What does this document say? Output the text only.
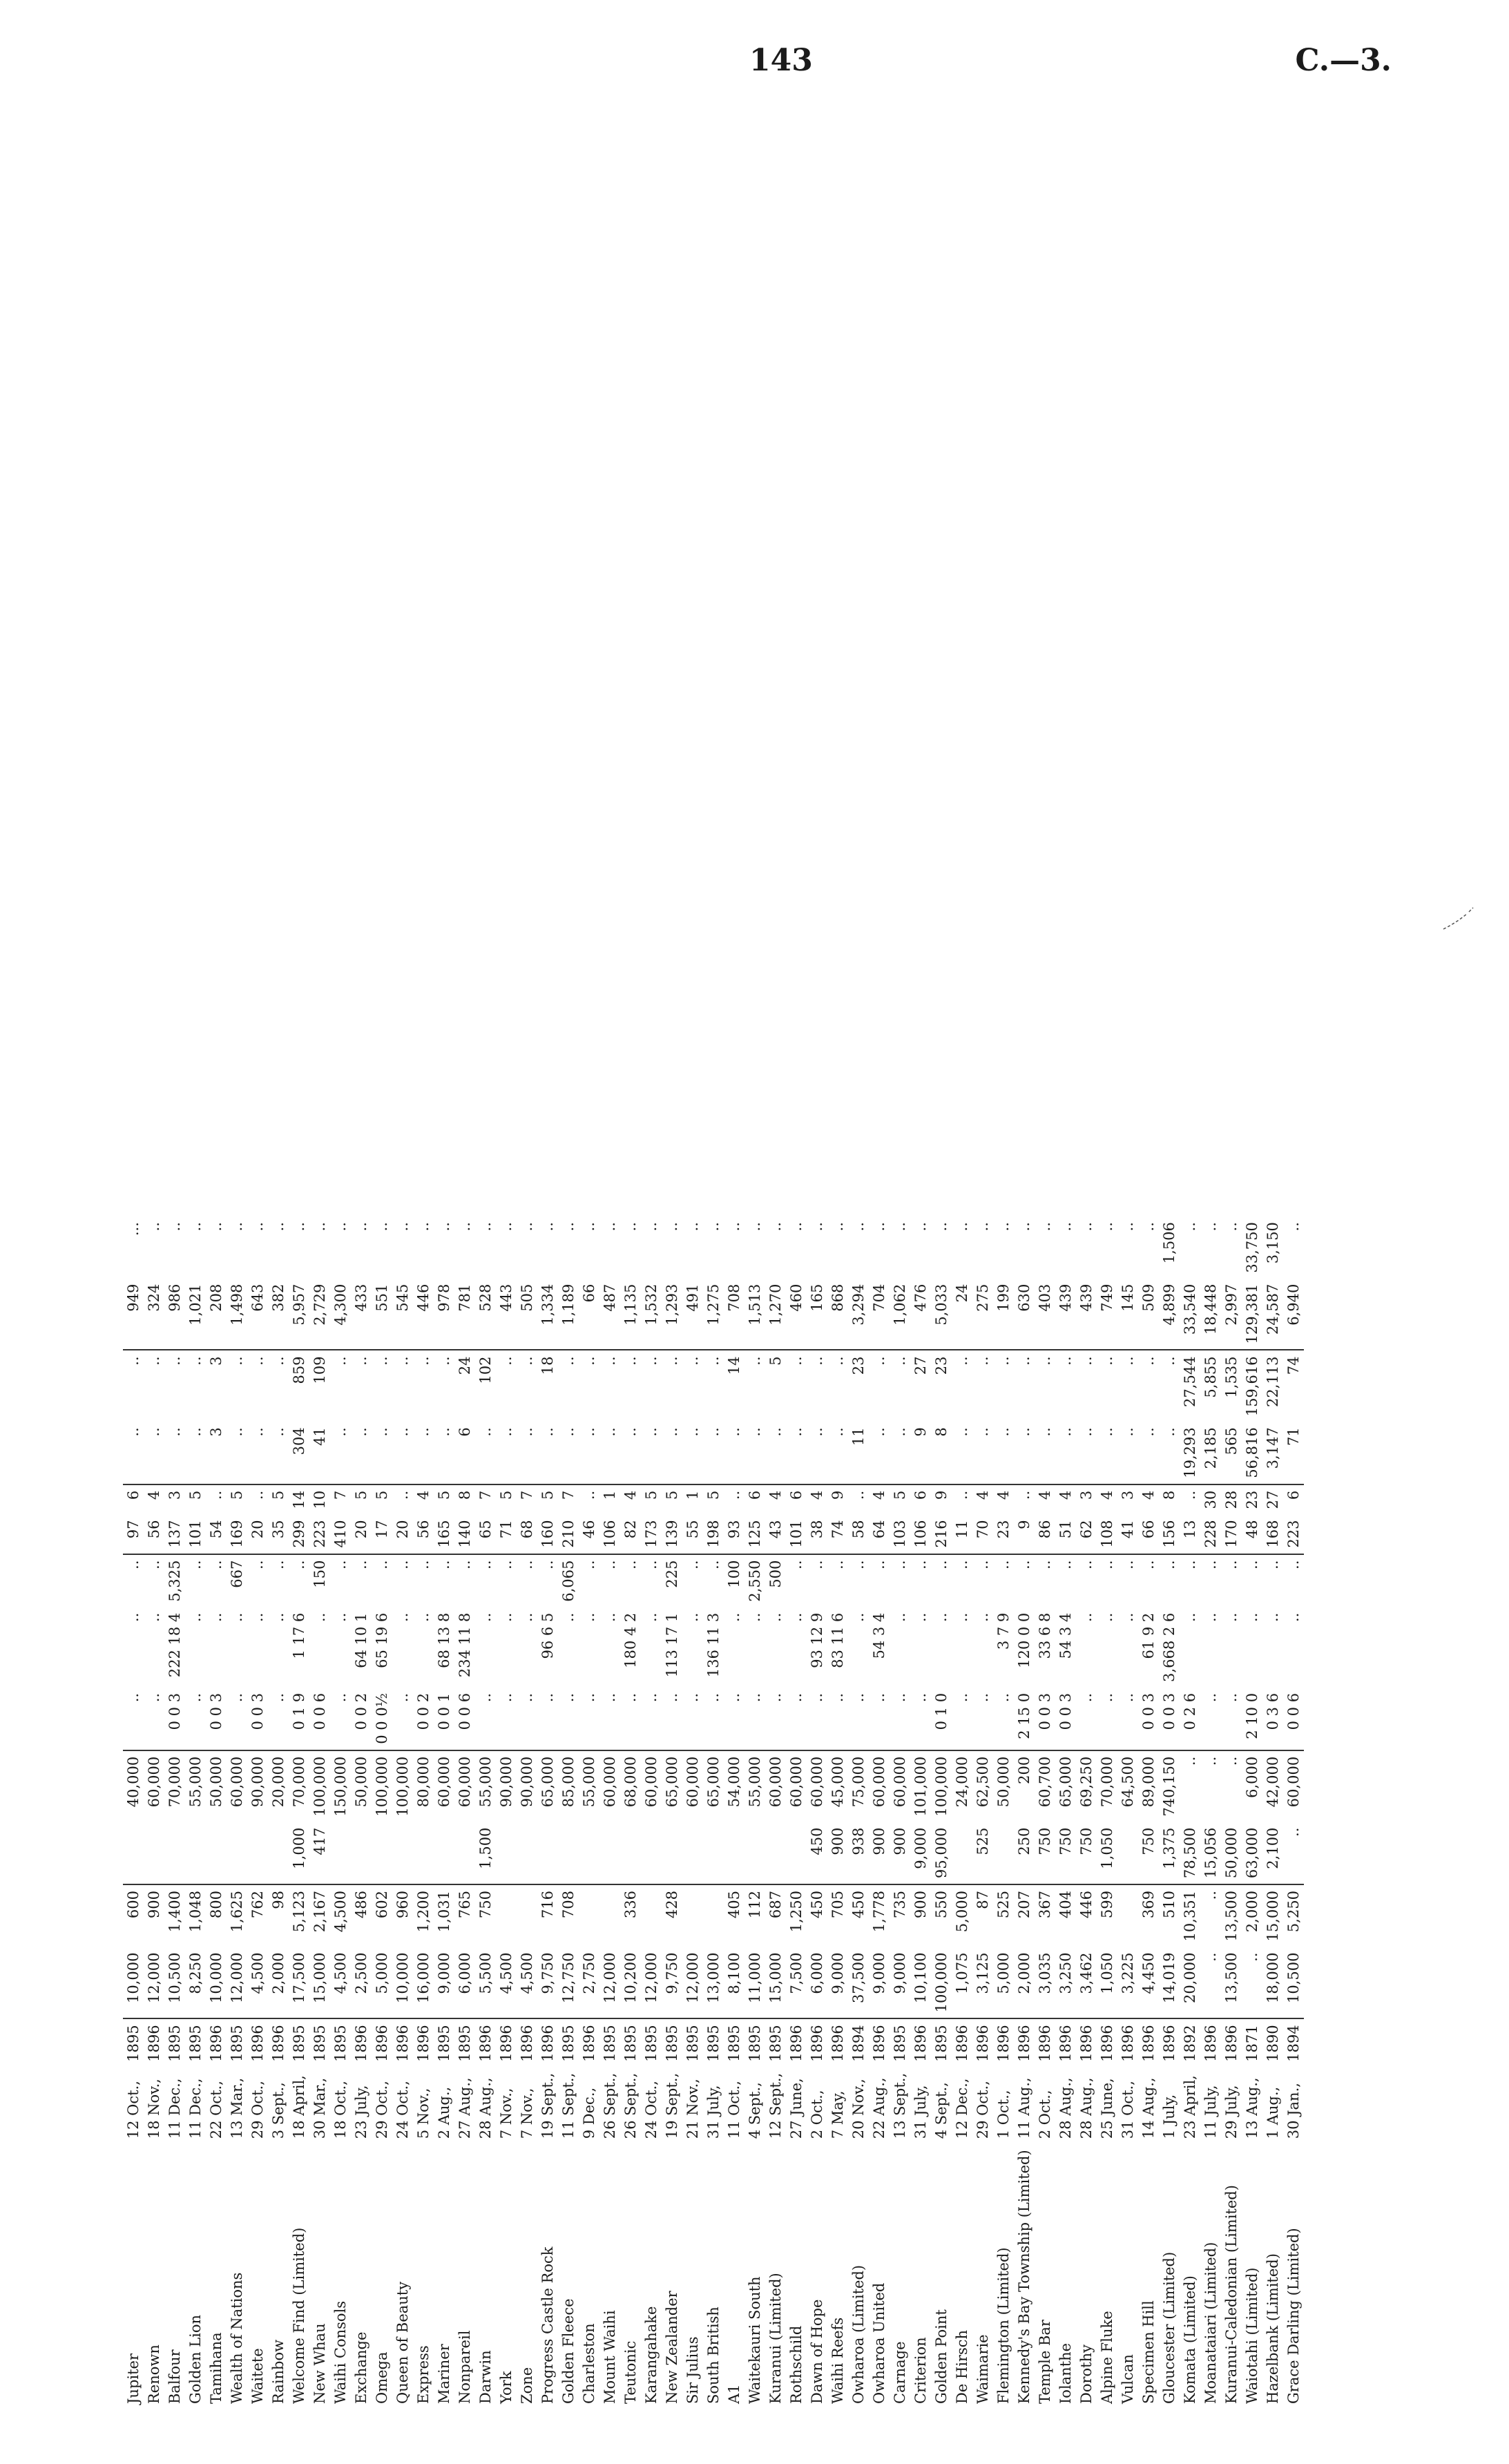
143	C.—3.
Jupiter	12 Oct.,	1895	10,000	600		40,000	..	..	..	97	6	..	..	949	...
Renown	18 Nov.,	1896	12,000	900		60,000	..	..	..	56	4	..	..	324	..
Balfour	11 Dec.,	1895	10,500	1,400		70,000	0 0 3	222 18 4	5,325	137	3	..	..	986	..
Golden Lion	11 Dec.,	1895	8,250	1,048		55,000	..	..	..	101	5	..	..	1,021	..
Tamihana	22 Oct.,	1896	10,000	800		50,000	0 0 3	..	..	54	..	3	3	208	..
Wealth of Nations	13 Mar.,	1895	12,000	1,625		60,000	..	..	667	169	5	..	..	1,498	..
Waitete	29 Oct.,	1896	4,500	762		90,000	0 0 3	..	..	20	..	..	..	643	..
Rainbow	3 Sept.,	1896	2,000	98		20,000	..	..	..	35	5	..	..	382	..
Welcome Find (Limited)	18 April,	1895	17,500	5,123	1,000	70,000	0 1 9	1 17 6	..	299	14	304	859	5,957	..
New Whau	30 Mar.,	1895	15,000	2,167	417	100,000	0 0 6	..	150	223	10	41	109	2,729	..
Waihi Consols	18 Oct.,	1895	4,500	4,500		150,000	..	..	..	410	7	..	..	4,300	..
Exchange	23 July,	1896	2,500	486		50,000	0 0 2	64 10 1	..	20	5	..	..	433	..
Omega	29 Oct.,	1896	5,000	602		100,000	0 0 0½	65 19 6	..	17	5	..	..	551	..
Queen of Beauty	24 Oct.,	1896	10,000	960		100,000	..	..	..	20	..	..	..	545	..
Express	5 Nov.,	1896	16,000	1,200		80,000	0 0 2	..	..	56	4	..	..	446	..
Mariner	2 Aug.,	1895	9,000	1,031		60,000	0 0 1	68 13 8	..	165	5	..	..	978	..
Nonpareil	27 Aug.,	1895	6,000	765		60,000	0 0 6	234 11 8	..	140	8	6	24	781	..
Darwin	28 Aug.,	1896	5,500	750	1,500	55,000	..	..	..	65	7	..	102	528	..
York	7 Nov.,	1896	4,500			90,000	..	..	..	71	5	..	..	443	..
Zone	7 Nov.,	1896	4,500			90,000	..	..	..	68	7	..	..	505	..
Progress Castle Rock	19 Sept.,	1896	9,750	716		65,000	..	96 6 5	..	160	5	..	18	1,334	..
Golden Fleece	11 Sept.,	1895	12,750	708		85,000	..	..	6,065	210	7	..	..	1,189	..
Charleston	9 Dec.,	1896	2,750			55,000	..	..	..	46	..	..	..	66	..
Mount Waihi	26 Sept.,	1895	12,000			60,000	..	..	..	106	1	..	..	487	..
Teutonic	26 Sept.,	1895	10,200	336		68,000	..	180 4 2	..	82	4	..	..	1,135	..
Karangahake	24 Oct.,	1895	12,000			60,000	..	..	..	173	5	..	..	1,532	..
New Zealander	19 Sept.,	1895	9,750	428		65,000	..	113 17 1	225	139	5	..	..	1,293	..
Sir Julius	21 Nov.,	1895	12,000			60,000	..	..	..	55	1	..	..	491	..
South British	31 July,	1895	13,000			65,000	..	136 11 3	..	198	5	..	..	1,275	..
A1	11 Oct.,	1895	8,100	405		54,000	..	..	100	93	..	..	14	708	..
Waitekauri South	4 Sept.,	1895	11,000	112		55,000	..	..	2,550	125	6	..	..	1,513	..
Kuranui (Limited)	12 Sept.,	1895	15,000	687		60,000	..	..	500	43	4	..	5	1,270	..
Rothschild	27 June,	1896	7,500	1,250		60,000	..	..	..	101	6	..	..	460	..
Dawn of Hope	2 Oct.,	1896	6,000	450	450	60,000	..	93 12 9	..	38	4	..	..	165	..
Waihi Reefs	7 May,	1896	9,000	705	900	45,000	..	83 11 6	..	74	9	..	..	868	..
Owharoa (Limited)	20 Nov.,	1894	37,500	450	938	75,000	..	..	..	58	..	11	23	3,294	..
Owharoa United	22 Aug.,	1896	9,000	1,778	900	60,000	..	54 3 4	..	64	4	..	..	704	..
Carnage	13 Sept.,	1895	9,000	735	900	60,000	..	..	..	103	5	..	..	1,062	..
Criterion	31 July,	1896	10,100	900	9,000	101,000	..	..	..	106	6	9	27	476	..
Golden Point	4 Sept.,	1895	100,000	550	95,000	100,000	0 1 0	..	..	216	9	8	23	5,033	..
De Hirsch	12 Dec.,	1896	1,075	5,000		24,000	..	..	..	11	..	..	..	24	..
Waimarie	29 Oct.,	1896	3,125	87	525	62,500	..	..	..	70	4	..	..	275	..
Flemington (Limited)	1 Oct.,	1896	5,000	525		50,000	..	3 7 9	..	23	4	..	..	199	..
Kennedy's Bay Township (Limited)	11 Aug.,	1896	2,000	207	250	200	2 15 0	120 0 0	..	9	..	..	..	630	..
Temple Bar	2 Oct.,	1896	3,035	367	750	60,700	0 0 3	33 6 8	..	86	4	..	..	403	..
Iolanthe	28 Aug.,	1896	3,250	404	750	65,000	0 0 3	54 3 4	..	51	4	..	..	439	..
Dorothy	28 Aug.,	1896	3,462	446	750	69,250	..	..	..	62	3	..	..	439	..
Alpine Fluke	25 June,	1896	1,050	599	1,050	70,000	..	..	..	108	4	..	..	749	..
Vulcan	31 Oct.,	1896	3,225			64,500	..	..	..	41	3	..	..	145	..
Specimen Hill	14 Aug.,	1896	4,450	369	750	89,000	0 0 3	61 9 2	..	66	4	..	..	509	..
Gloucester (Limited)	1 July,	1896	14,019	510	1,375	740,150	0 0 3	3,668 2 6	..	156	8	..	..	4,899	1,506
Komata (Limited)	23 April,	1892	20,000	10,351	78,500	..	0 2 6	..	..	13	..	19,293	27,544	33,540	..
Moanataiari (Limited)	11 July,	1896	..	..	15,056	..	..	..	..	228	30	2,185	5,855	18,448	..
Kuranui-Caledonian (Limited)	29 July,	1896	13,500	13,500	50,000	..	..	..	..	170	28	565	1,535	2,997	..
Waiotahi (Limited)	13 Aug.,	1871	..	2,000	63,000	6,000	2 10 0	..	..	48	23	56,816	159,616	129,381	33,750
Hazelbank (Limited)	1 Aug.,	1890	18,000	15,000	2,100	42,000	0 3 6	..	..	168	27	3,147	22,113	24,587	3,150
Grace Darling (Limited)	30 Jan.,	1894	10,500	5,250	..	60,000	0 0 6	..	..	223	6	71	74	6,940	..
